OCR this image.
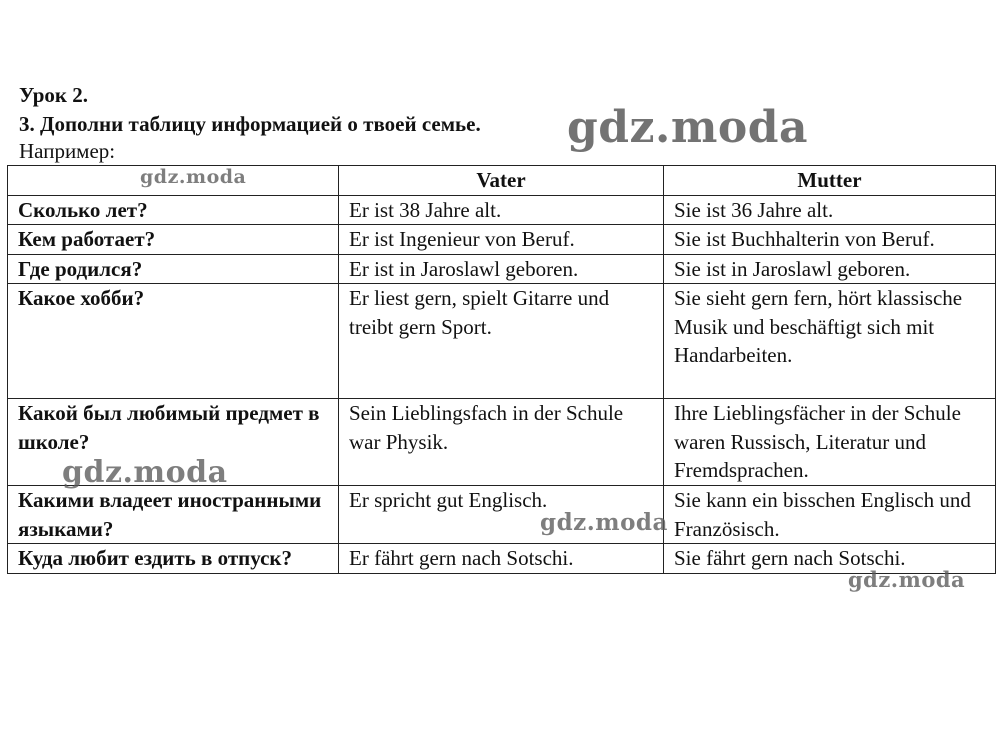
Урок 2.
3. Дополни таблицу информацией о твоей семье.
Например:
	Vater	Mutter
Сколько лет?	Er ist 38 Jahre alt.	Sie ist 36 Jahre alt.
Кем работает?	Er ist Ingenieur von Beruf.	Sie ist Buchhalterin von Beruf.
Где родился?	Er ist in Jaroslawl geboren.	Sie ist in Jaroslawl geboren.
Какое хобби?	Er liest gern, spielt Gitarre und treibt gern Sport.	Sie sieht gern fern, hört klassische Musik und beschäftigt sich mit Handarbeiten.
Какой был любимый предмет в школе?	Sein Lieblingsfach in der Schule war Physik.	Ihre Lieblingsfächer in der Schule waren Russisch, Literatur und Fremdsprachen.
Какими владеет иностранными языками?	Er spricht gut Englisch.	Sie kann ein bisschen Englisch und Französisch.
Куда любит ездить в отпуск?	Er fährt gern nach Sotschi.	Sie fährt gern nach Sotschi.
gdz.moda
gdz.moda
gdz.moda
gdz.moda
gdz.moda
